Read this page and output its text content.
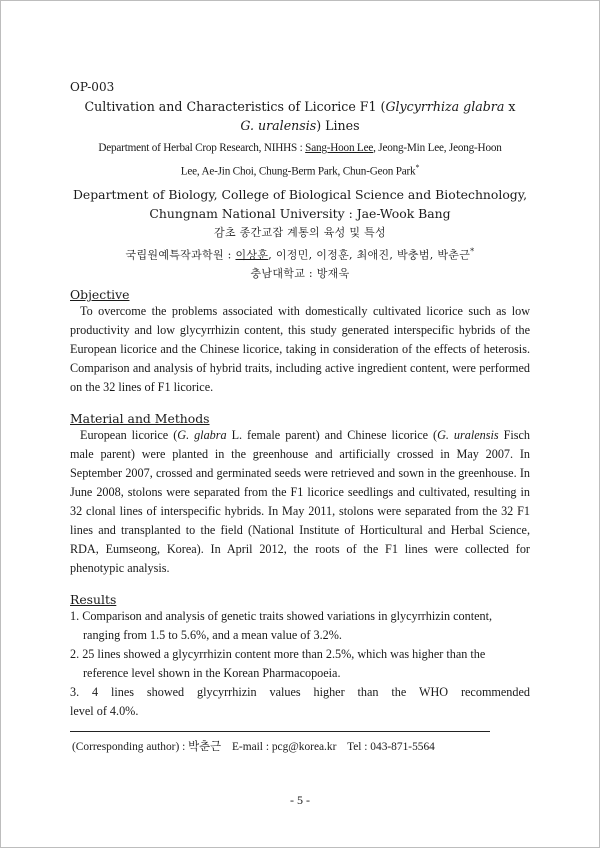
OP-003
Cultivation and Characteristics of Licorice F1 (Glycyrrhiza glabra x
G. uralensis) Lines
Department of Herbal Crop Research, NIHHS : Sang-Hoon Lee, Jeong-Min Lee, Jeong-Hoon
Lee, Ae-Jin Choi, Chung-Berm Park, Chun-Geon Park*
Department of Biology, College of Biological Science and Biotechnology,
Chungnam National University : Jae-Wook Bang
감초 종간교잡 계통의 육성 및 특성
국립원예특작과학원 : 이상훈, 이정민, 이정훈, 최애진, 박충범, 박춘근*
충남대학교 : 방재욱
Objective
To overcome the problems associated with domestically cultivated licorice such as low productivity and low glycyrrhizin content, this study generated interspecific hybrids of the European licorice and the Chinese licorice, taking in consideration of the effects of heterosis. Comparison and analysis of hybrid traits, including active ingredient content, were performed on the 32 lines of F1 licorice.
Material and Methods
European licorice (G. glabra L. female parent) and Chinese licorice (G. uralensis Fisch male parent) were planted in the greenhouse and artificially crossed in May 2007. In September 2007, crossed and germinated seeds were retrieved and sown in the greenhouse. In June 2008, stolons were separated from the F1 licorice seedlings and cultivated, resulting in 32 clonal lines of interspecific hybrids. In May 2011, stolons were separated from the 32 F1 lines and transplanted to the field (National Institute of Horticultural and Herbal Science, RDA, Eumseong, Korea). In April 2012, the roots of the F1 lines were collected for phenotypic analysis.
Results
1. Comparison and analysis of genetic traits showed variations in glycyrrhizin content,
ranging from 1.5 to 5.6%, and a mean value of 3.2%.
2. 25 lines showed a glycyrrhizin content more than 2.5%, which was higher than the
reference level shown in the Korean Pharmacopoeia.
3. 4 lines showed glycyrrhizin values higher than the WHO recommended
level of 4.0%.
(Corresponding author) : 박춘근 E-mail : pcg@korea.kr Tel : 043-871-5564
- 5 -
